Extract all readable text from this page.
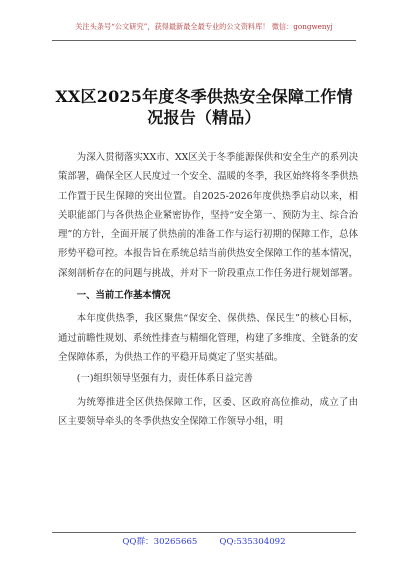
关注头条号“公文研究”，获得最新最全最专业的公文资料库！ 微信：gongwenyj
XX区2025年度冬季供热安全保障工作情况报告（精品）

为深入贯彻落实XX市、XX区关于冬季能源保供和安全生产的系列决策部署，确保全区人民度过一个安全、温暖的冬季，我区始终将冬季供热工作置于民生保障的突出位置。自2025-2026年度供热季启动以来，相关职能部门与各供热企业紧密协作，坚持“安全第一、预防为主、综合治理”的方针，全面开展了供热前的准备工作与运行初期的保障工作，总体形势平稳可控。本报告旨在系统总结当前供热安全保障工作的基本情况，深刻剖析存在的问题与挑战，并对下一阶段重点工作任务进行规划部署。

一、当前工作基本情况

本年度供热季，我区聚焦“保安全、保供热、保民生”的核心目标，通过前瞻性规划、系统性排查与精细化管理，构建了多维度、全链条的安全保障体系，为供热工作的平稳开局奠定了坚实基础。

(一)组织领导坚强有力，责任体系日益完善

为统筹推进全区供热保障工作，区委、区政府高位推动，成立了由区主要领导牵头的冬季供热安全保障工作领导小组，明

QQ群：30265665	QQ:535304092
